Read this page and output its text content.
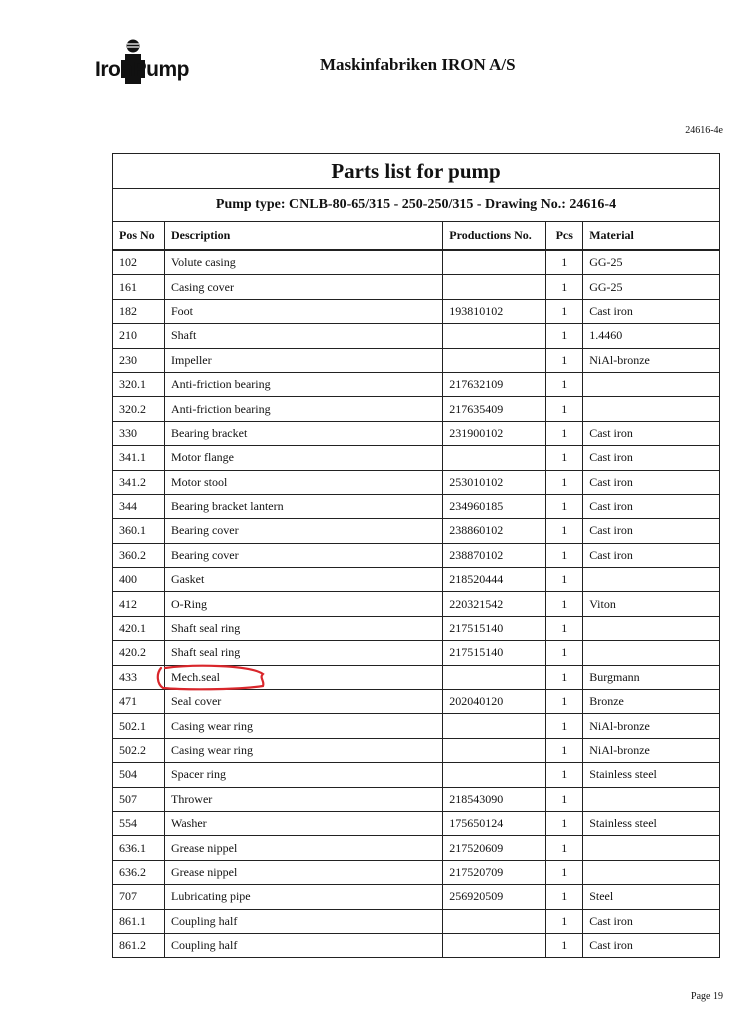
IronPump	Maskinfabriken IRON A/S
24616-4e
Parts list for pump				
Pump type: CNLB-80-65/315 - 250-250/315 - Drawing No.: 24616-4				
Pos No	Description	Productions No.	Pcs	Material
102	Volute casing		1	GG-25
161	Casing cover		1	GG-25
182	Foot	193810102	1	Cast iron
210	Shaft		1	1.4460
230	Impeller		1	NiAl-bronze
320.1	Anti-friction bearing	217632109	1	
320.2	Anti-friction bearing	217635409	1	
330	Bearing bracket	231900102	1	Cast iron
341.1	Motor flange		1	Cast iron
341.2	Motor stool	253010102	1	Cast iron
344	Bearing bracket lantern	234960185	1	Cast iron
360.1	Bearing cover	238860102	1	Cast iron
360.2	Bearing cover	238870102	1	Cast iron
400	Gasket	218520444	1	
412	O-Ring	220321542	1	Viton
420.1	Shaft seal ring	217515140	1	
420.2	Shaft seal ring	217515140	1	
433	Mech.seal		1	Burgmann
471	Seal cover	202040120	1	Bronze
502.1	Casing wear ring		1	NiAl-bronze
502.2	Casing wear ring		1	NiAl-bronze
504	Spacer ring		1	Stainless steel
507	Thrower	218543090	1	
554	Washer	175650124	1	Stainless steel
636.1	Grease nippel	217520609	1	
636.2	Grease nippel	217520709	1	
707	Lubricating pipe	256920509	1	Steel
861.1	Coupling half		1	Cast iron
861.2	Coupling half		1	Cast iron
Page 19
